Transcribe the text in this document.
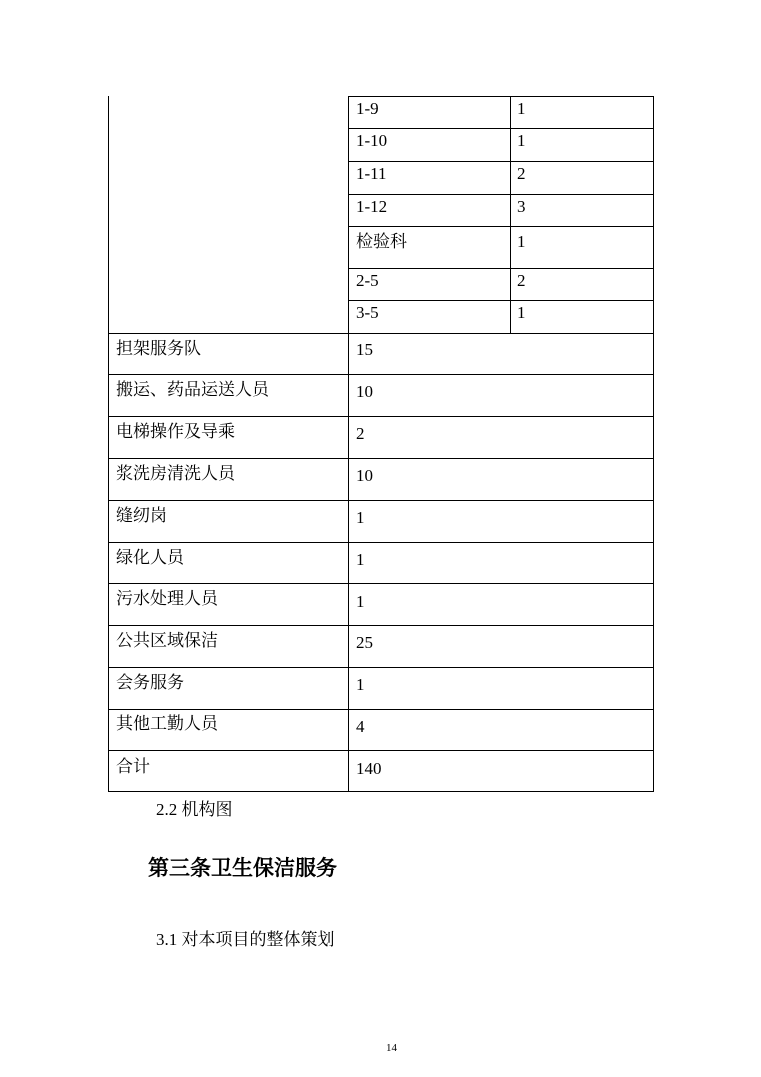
1-9	1
1-10	1
1-11	2
1-12	3
检验科	1
2-5	2
3-5	1
担架服务队	15
搬运、药品运送人员	10
电梯操作及导乘	2
浆洗房清洗人员	10
缝纫岗	1
绿化人员	1
污水处理人员	1
公共区域保洁	25
会务服务	1
其他工勤人员	4
合计	140
2.2 机构图
第三条卫生保洁服务
3.1 对本项目的整体策划
14
